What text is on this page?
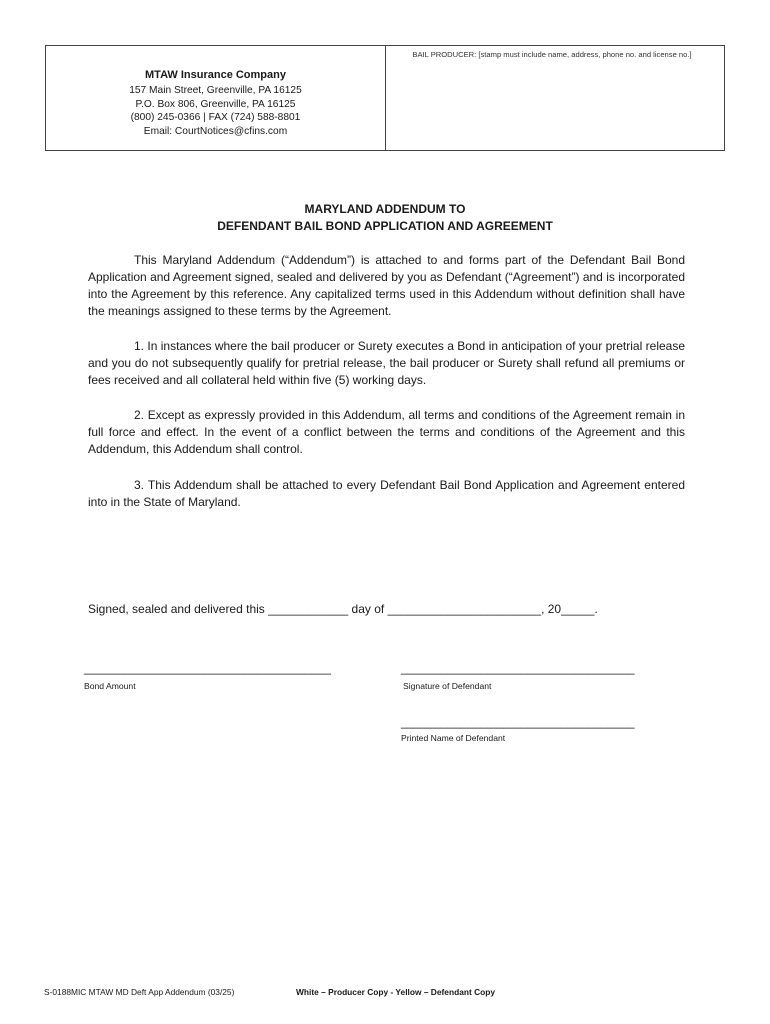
MTAW Insurance Company
157 Main Street, Greenville, PA 16125
P.O. Box 806, Greenville, PA 16125
(800) 245-0366 | FAX (724) 588-8801
Email: CourtNotices@cfins.com
BAIL PRODUCER: [stamp must include name, address, phone no. and license no.]
MARYLAND ADDENDUM TO
DEFENDANT BAIL BOND APPLICATION AND AGREEMENT
This Maryland Addendum (“Addendum”) is attached to and forms part of the Defendant Bail Bond Application and Agreement signed, sealed and delivered by you as Defendant (“Agreement”) and is incorporated into the Agreement by this reference. Any capitalized terms used in this Addendum without definition shall have the meanings assigned to these terms by the Agreement.
1. In instances where the bail producer or Surety executes a Bond in anticipation of your pretrial release and you do not subsequently qualify for pretrial release, the bail producer or Surety shall refund all premiums or fees received and all collateral held within five (5) working days.
2. Except as expressly provided in this Addendum, all terms and conditions of the Agreement remain in full force and effect. In the event of a conflict between the terms and conditions of the Agreement and this Addendum, this Addendum shall control.
3. This Addendum shall be attached to every Defendant Bail Bond Application and Agreement entered into in the State of Maryland.
Signed, sealed and delivered this ____________ day of _______________________, 20_____.
_____________________________________
Bond Amount
___________________________________
Signature of Defendant
___________________________________
Printed Name of Defendant
S-0188MIC MTAW MD Deft App Addendum (03/25)	White – Producer Copy - Yellow – Defendant Copy
